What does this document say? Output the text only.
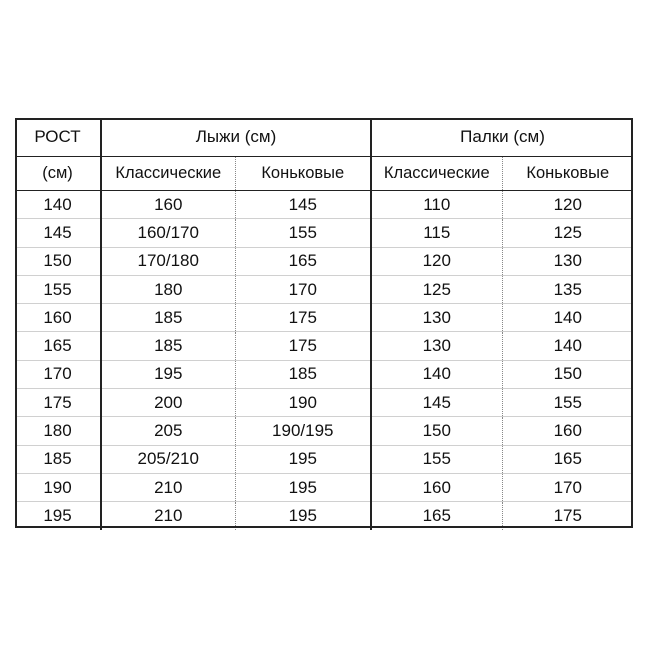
РОСТ	Лыжи (см)		Палки (см)	
(см)	Классические	Коньковые	Классические	Коньковые
140	160	145	110	120
145	160/170	155	115	125
150	170/180	165	120	130
155	180	170	125	135
160	185	175	130	140
165	185	175	130	140
170	195	185	140	150
175	200	190	145	155
180	205	190/195	150	160
185	205/210	195	155	165
190	210	195	160	170
195	210	195	165	175
